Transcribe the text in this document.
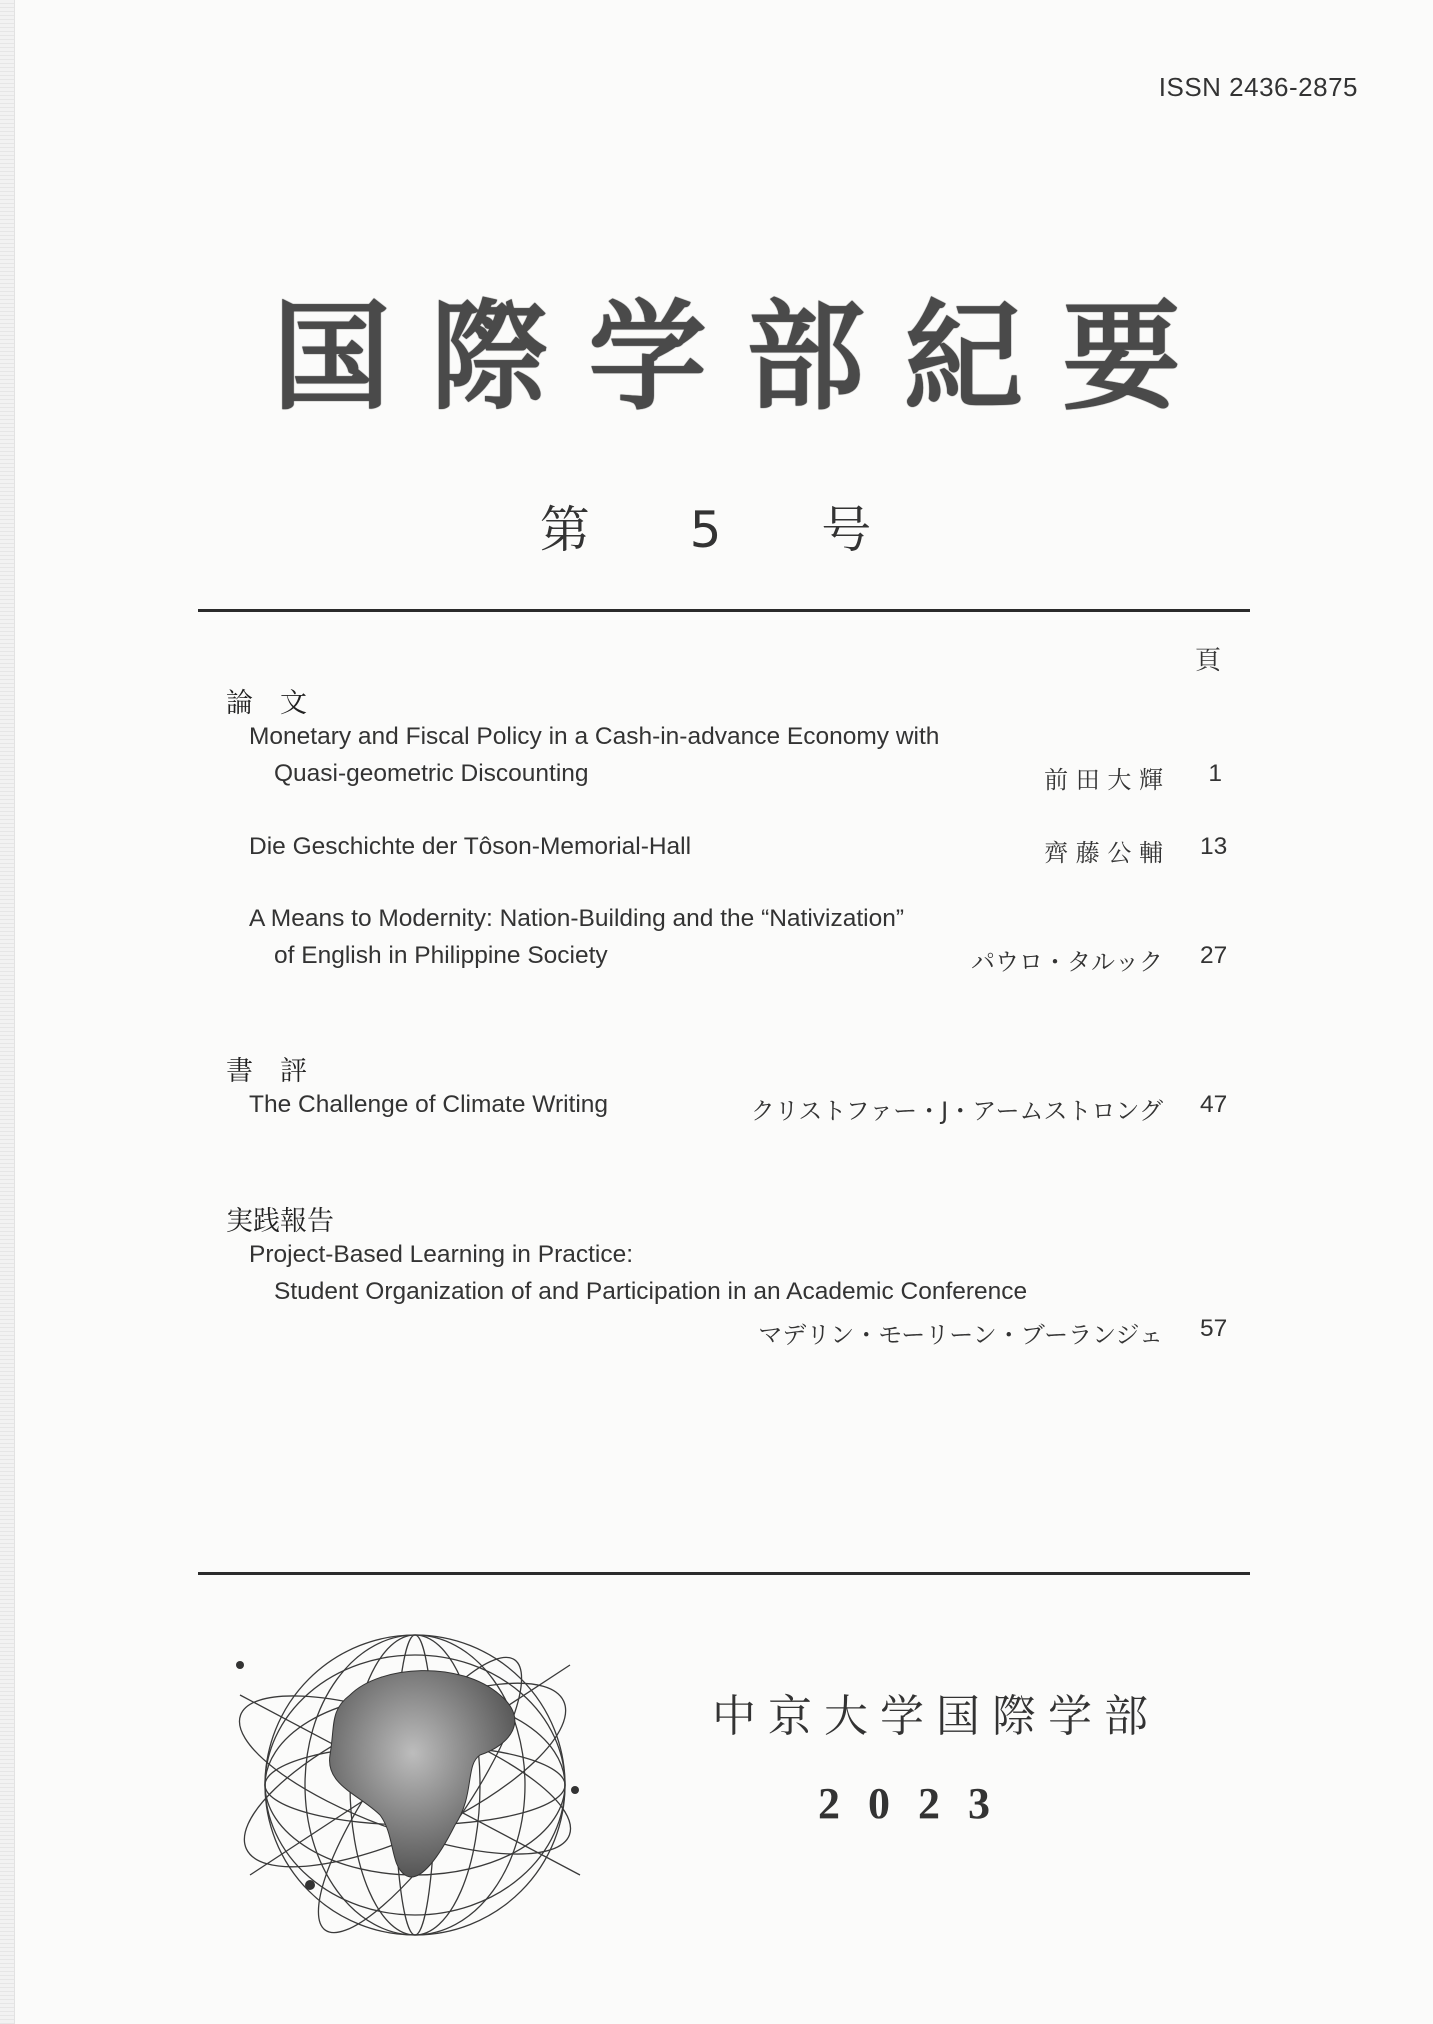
ISSN 2436-2875
国際学部紀要
第 5 号
頁
論　文
Monetary and Fiscal Policy in a Cash-in-advance Economy with
Quasi-geometric Discounting	前 田 大 輝	1
Die Geschichte der Tôson-Memorial-Hall	齊 藤 公 輔 13
A Means to Modernity: Nation-Building and the “Nativization”
of English in Philippine Society	パウロ・タルック 27
書　評
The Challenge of Climate Writing	クリストファー・J・アームストロング 47
実践報告
Project-Based Learning in Practice:
Student Organization of and Participation in an Academic Conference
マデリン・モーリーン・ブーランジェ 57
中京大学国際学部
2023
